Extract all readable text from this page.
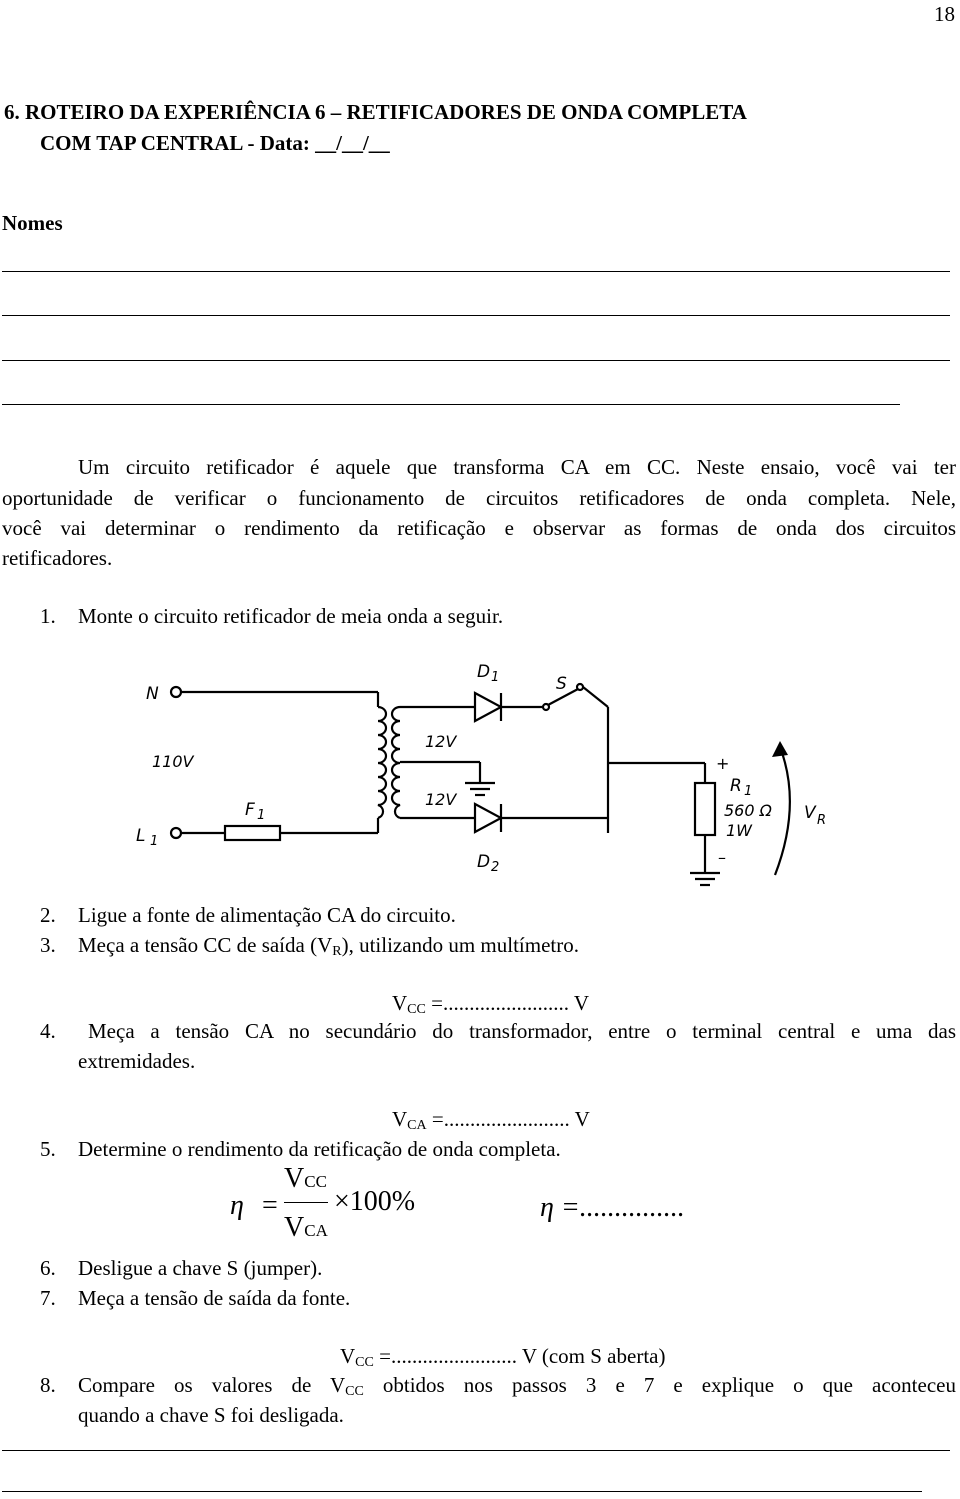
18
6. ROTEIRO DA EXPERIÊNCIA 6 – RETIFICADORES DE ONDA COMPLETA
COM TAP CENTRAL - Data: __/__/__
Nomes
Um circuito retificador é aquele que transforma CA em CC. Neste ensaio, você vai ter
oportunidade de verificar o funcionamento de circuitos retificadores de onda completa. Nele,
você vai determinar o rendimento da retificação e observar as formas de onda dos circuitos
retificadores.
1. Monte o circuito retificador de meia onda a seguir.
N
L 1
110V
F 1
D 1
D 2
S
12V
12V
+
–
R 1
560 Ω
1W
V R
2. Ligue a fonte de alimentação CA do circuito.
3. Meça a tensão CC de saída $(V_R)$, utilizando um multímetro.
$V_{CC}$ =........................ V
4. Meça a tensão CA no secundário do transformador, entre o terminal central e uma das
extremidades.
$V_{CA}$ =........................ V
5. Determine o rendimento da retificação de onda completa.
η =
VCC
VCA
×100%	η =...............
6. Desligue a chave S (jumper).
7. Meça a tensão de saída da fonte.
$V_{CC}$ =........................ V (com S aberta)
8. Compare os valores de $V_{CC}$ obtidos nos passos 3 e 7 e explique o que aconteceu
quando a chave S foi desligada.
